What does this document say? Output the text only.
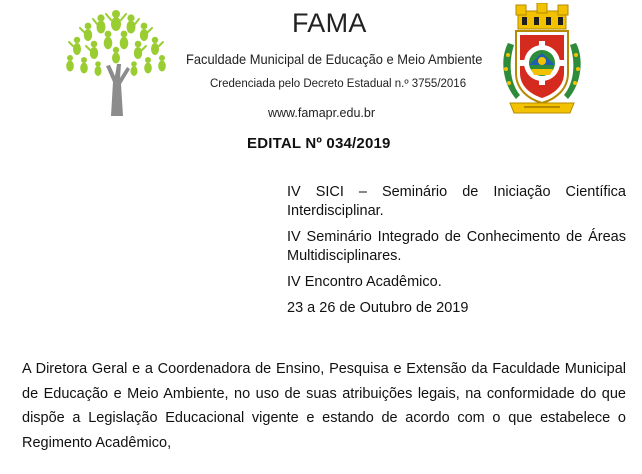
FAMA
Faculdade Municipal de Educação e Meio Ambiente
Credenciada pelo Decreto Estadual n.º 3755/2016
www.famapr.edu.br
EDITAL Nº 034/2019

IV SICI – Seminário de Iniciação Científica Interdisciplinar.

IV Seminário Integrado de Conhecimento de Áreas Multidisciplinares.

IV Encontro Acadêmico.

23 a 26 de Outubro de 2019

A Diretora Geral e a Coordenadora de Ensino, Pesquisa e Extensão da Faculdade Municipal de Educação e Meio Ambiente, no uso de suas atribuições legais, na conformidade do que dispõe a Legislação Educacional vigente e estando de acordo com o que estabelece o Regimento Acadêmico,
